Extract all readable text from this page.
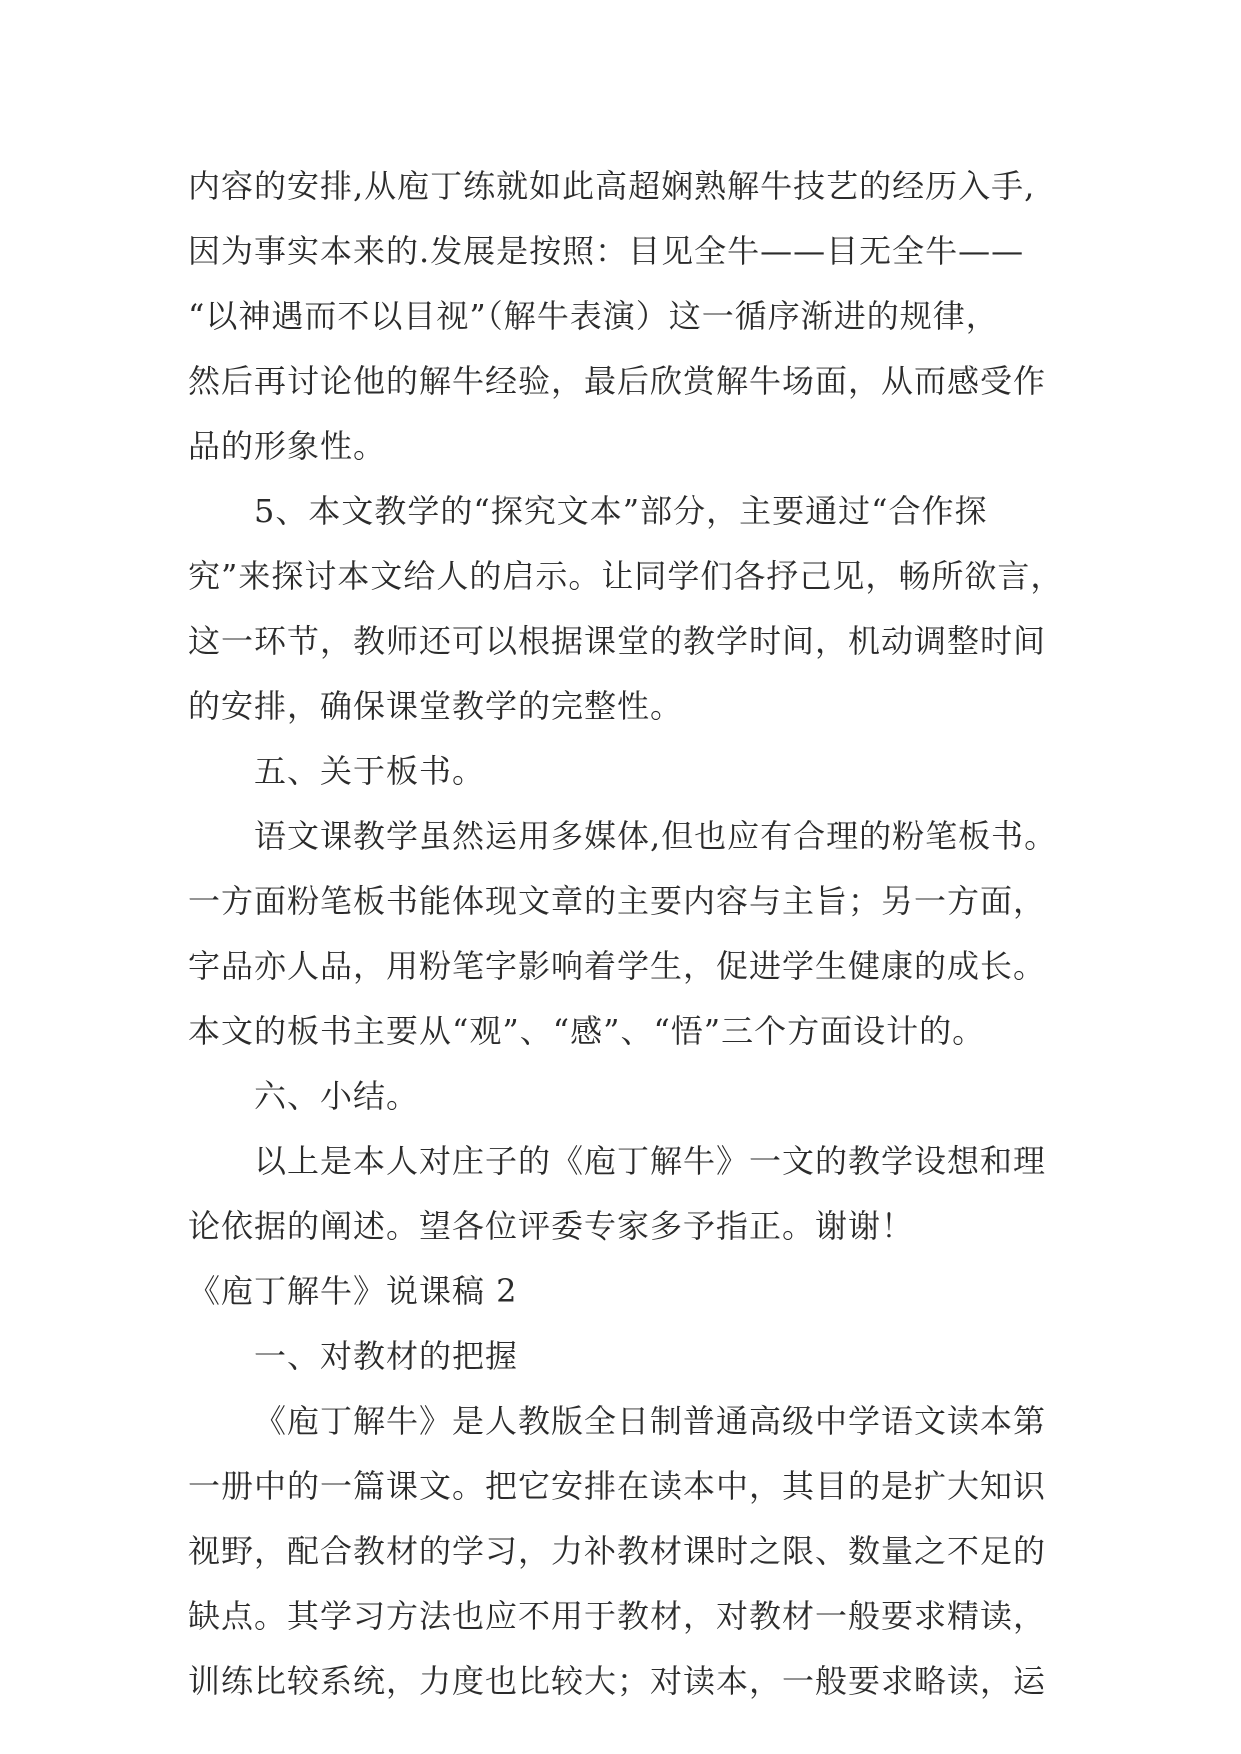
内容的安排,从庖丁练就如此高超娴熟解牛技艺的经历入手,
因为事实本来的.发展是按照：目见全牛——目无全牛——
“以神遇而不以目视”（解牛表演）这一循序渐进的规律，
然后再讨论他的解牛经验，最后欣赏解牛场面，从而感受作
品的形象性。
5、本文教学的“探究文本”部分，主要通过“合作探
究”来探讨本文给人的启示。让同学们各抒己见，畅所欲言，
这一环节，教师还可以根据课堂的教学时间，机动调整时间
的安排，确保课堂教学的完整性。
五、关于板书。
语文课教学虽然运用多媒体,但也应有合理的粉笔板书。
一方面粉笔板书能体现文章的主要内容与主旨；另一方面，
字品亦人品，用粉笔字影响着学生，促进学生健康的成长。
本文的板书主要从“观”、“感”、“悟”三个方面设计的。
六、小结。
以上是本人对庄子的《庖丁解牛》一文的教学设想和理
论依据的阐述。望各位评委专家多予指正。谢谢！
《庖丁解牛》说课稿 2
一、对教材的把握
《庖丁解牛》是人教版全日制普通高级中学语文读本第
一册中的一篇课文。把它安排在读本中，其目的是扩大知识
视野，配合教材的学习，力补教材课时之限、数量之不足的
缺点。其学习方法也应不用于教材，对教材一般要求精读，
训练比较系统，力度也比较大；对读本，一般要求略读，运
